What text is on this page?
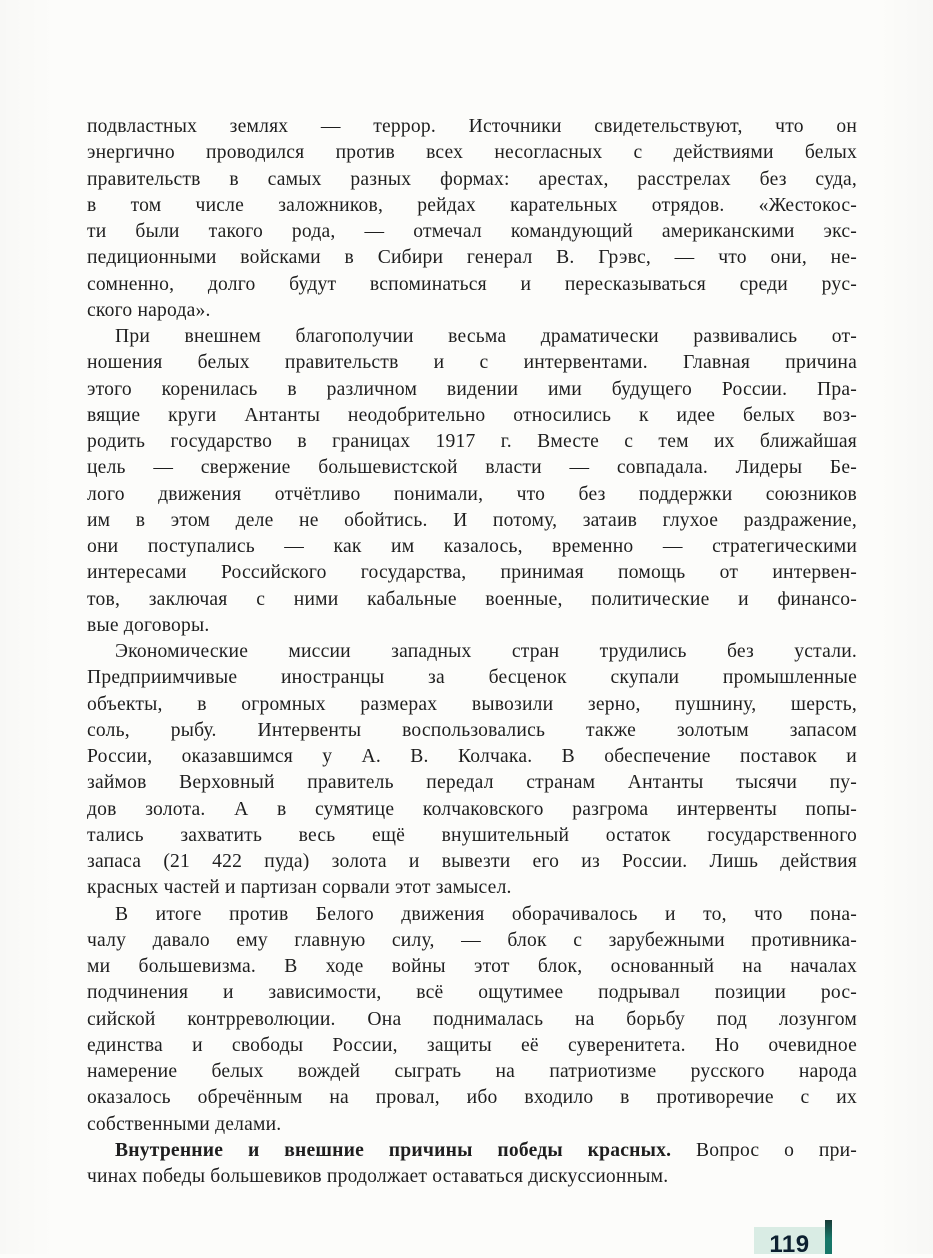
подвластных землях — террор. Источники свидетельствуют, что он
энергично проводился против всех несогласных с действиями белых
правительств в самых разных формах: арестах, расстрелах без суда,
в том числе заложников, рейдах карательных отрядов. «Жестокос-
ти были такого рода, — отмечал командующий американскими экс-
педиционными войсками в Сибири генерал В. Грэвс, — что они, не-
сомненно, долго будут вспоминаться и пересказываться среди рус-
ского народа».
При внешнем благополучии весьма драматически развивались от-
ношения белых правительств и с интервентами. Главная причина
этого коренилась в различном видении ими будущего России. Пра-
вящие круги Антанты неодобрительно относились к идее белых воз-
родить государство в границах 1917 г. Вместе с тем их ближайшая
цель — свержение большевистской власти — совпадала. Лидеры Бе-
лого движения отчётливо понимали, что без поддержки союзников
им в этом деле не обойтись. И потому, затаив глухое раздражение,
они поступались — как им казалось, временно — стратегическими
интересами Российского государства, принимая помощь от интервен-
тов, заключая с ними кабальные военные, политические и финансо-
вые договоры.
Экономические миссии западных стран трудились без устали.
Предприимчивые иностранцы за бесценок скупали промышленные
объекты, в огромных размерах вывозили зерно, пушнину, шерсть,
соль, рыбу. Интервенты воспользовались также золотым запасом
России, оказавшимся у А. В. Колчака. В обеспечение поставок и
займов Верховный правитель передал странам Антанты тысячи пу-
дов золота. А в сумятице колчаковского разгрома интервенты попы-
тались захватить весь ещё внушительный остаток государственного
запаса (21 422 пуда) золота и вывезти его из России. Лишь действия
красных частей и партизан сорвали этот замысел.
В итоге против Белого движения оборачивалось и то, что пона-
чалу давало ему главную силу, — блок с зарубежными противника-
ми большевизма. В ходе войны этот блок, основанный на началах
подчинения и зависимости, всё ощутимее подрывал позиции рос-
сийской контрреволюции. Она поднималась на борьбу под лозунгом
единства и свободы России, защиты её суверенитета. Но очевидное
намерение белых вождей сыграть на патриотизме русского народа
оказалось обречённым на провал, ибо входило в противоречие с их
собственными делами.
Внутренние и внешние причины победы красных. Вопрос о при-
чинах победы большевиков продолжает оставаться дискуссионным.
119
